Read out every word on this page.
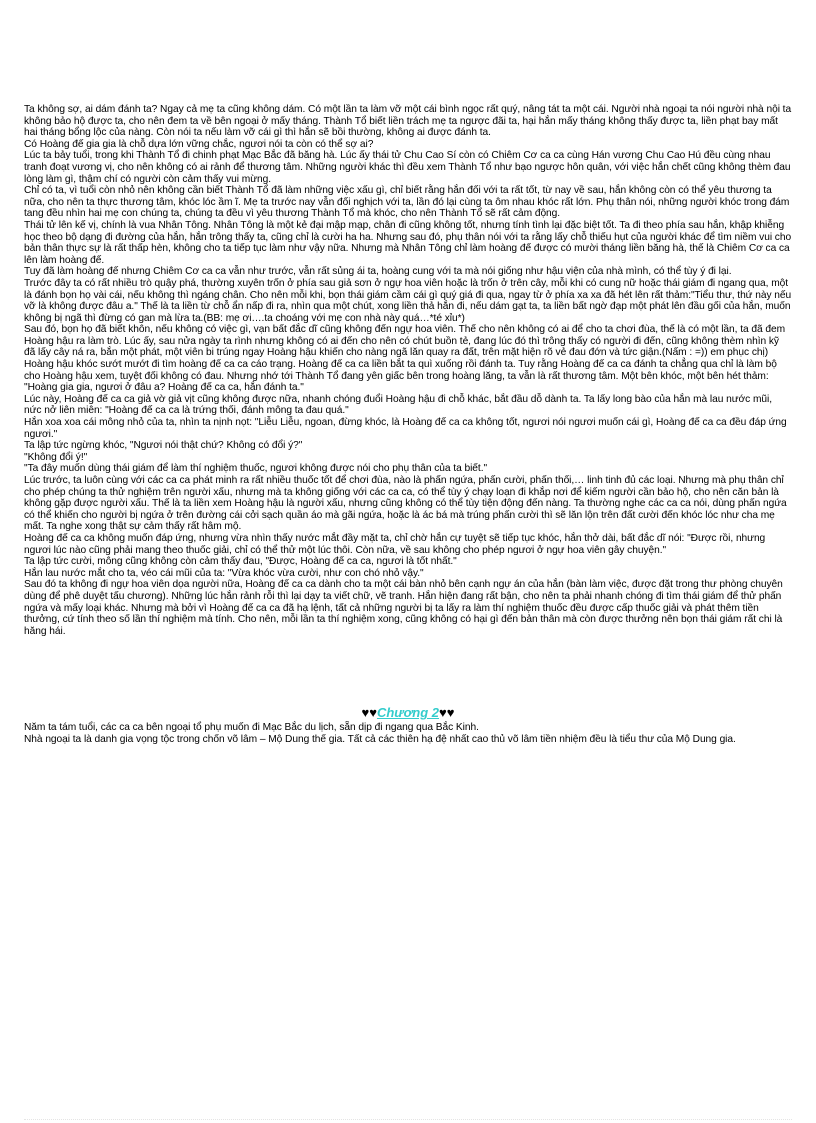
Ta không sợ, ai dám đánh ta? Ngay cả mẹ ta cũng không dám. Có một lần ta làm vỡ một cái bình ngọc rất quý, nâng tát ta một cái. Người nhà ngoại ta nói người nhà nội ta không bảo hộ được ta, cho nên đem ta về bên ngoại ở mấy tháng. Thành Tổ biết liền trách mẹ ta ngược đãi ta, hại hắn mấy tháng không thấy được ta, liền phạt bay mất hai tháng bổng lộc của nàng. Còn nói ta nếu làm vỡ cái gì thì hắn sẽ bồi thường, không ai được đánh ta.

Có Hoàng đế gia gia là chỗ dựa lớn vững chắc, ngươi nói ta còn có thể sợ ai?

Lúc ta bảy tuổi, trong khi Thành Tổ đi chinh phạt Mạc Bắc đã băng hà. Lúc ấy thái tử Chu Cao Sí còn có Chiêm Cơ ca ca cùng Hán vương Chu Cao Hú đều cùng nhau tranh đoạt vương vị, cho nên không có ai rảnh để thương tâm. Những người khác thì đều xem Thành Tổ như bạo ngược hôn quân, với việc hắn chết cũng không thèm đau lòng làm gì, thậm chí có người còn cảm thấy vui mừng.

Chỉ có ta, vì tuổi còn nhỏ nên không cần biết Thành Tổ đã làm những việc xấu gì, chỉ biết rằng hắn đối với ta rất tốt, từ nay về sau, hắn không còn có thể yêu thương ta nữa, cho nên ta thực thương tâm, khóc lóc ầm ĩ. Mẹ ta trước nay vẫn đối nghịch với ta, lần đó lại cùng ta ôm nhau khóc rất lớn. Phụ thân nói, những người khóc trong đám tang đều nhìn hai mẹ con chúng ta, chúng ta đều vì yêu thương Thành Tổ mà khóc, cho nên Thành Tổ sẽ rất cảm động.

Thái tử lên kế vị, chính là vua Nhân Tông. Nhân Tông là một kẻ đại mập mạp, chân đi cũng không tốt, nhưng tính tình lại đặc biệt tốt. Ta đi theo phía sau hắn, khập khiễng học theo bộ dạng đi đường của hắn, hắn trông thấy ta, cũng chỉ là cười ha ha. Nhưng sau đó, phụ thân nói với ta rằng lấy chỗ thiếu hụt của người khác để tìm niềm vui cho bản thân thực sự là rất thấp hèn, không cho ta tiếp tục làm như vậy nữa. Nhưng mà Nhân Tông chỉ làm hoàng đế được có mười tháng liền băng hà, thế là Chiêm Cơ ca ca lên làm hoàng đế.

Tuy đã làm hoàng đế nhưng Chiêm Cơ ca ca vẫn như trước, vẫn rất sủng ái ta, hoàng cung với ta mà nói giống như hậu viện của nhà mình, có thể tùy ý đi lại.

Trước đây ta có rất nhiều trò quậy phá, thường xuyên trốn ở phía sau giả sơn ở ngự hoa viên hoặc là trốn ở trên cây, mỗi khi có cung nữ hoặc thái giám đi ngang qua, một là đánh bọn họ vài cái, nếu không thì ngáng chân. Cho nên mỗi khi, bọn thái giám cầm cái gì quý giá đi qua, ngay từ ở phía xa xa đã hét lên rất thảm:"Tiểu thư, thứ này nếu vỡ là không được đâu a." Thế là ta liền từ chỗ ẩn nấp đi ra, nhìn qua một chút, xong liền thả hắn đi, nếu dám gạt ta, ta liền bất ngờ đạp một phát lên đầu gối của hắn, muốn không bị ngã thì đừng có gan mà lừa ta.(BB: mẹ ơi….ta choáng với mẹ con nhà này quá…*té xỉu*)

Sau đó, bọn họ đã biết khôn, nếu không có việc gì, vạn bất đắc dĩ cũng không đến ngự hoa viên. Thế cho nên không có ai để cho ta chơi đùa, thế là có một lần, ta đã đem Hoàng hậu ra làm trò. Lúc ấy, sau nửa ngày ta rình nhưng không có ai đến cho nên có chút buồn tẻ, đang lúc đó thì trông thấy có người đi đến, cũng không thèm nhìn kỹ đã lấy cây ná ra, bắn một phát, một viên bi trúng ngay Hoàng hậu khiến cho nàng ngã lăn quay ra đất, trên mặt hiện rõ vẻ đau đớn và tức giận.(Nấm : =)) em phục chị)

Hoàng hậu khóc sướt mướt đi tìm hoàng đế ca ca cáo trạng. Hoàng đế ca ca liền bắt ta quì xuống rồi đánh ta. Tuy rằng Hoàng đế ca ca đánh ta chẳng qua chỉ là làm bộ cho Hoàng hậu xem, tuyệt đối không có đau. Nhưng nhớ tới Thành Tổ đang yên giấc bên trong hoàng lăng, ta vẫn là rất thương tâm. Một bên khóc, một bên hét thảm: "Hoàng gia gia, ngươi ở đâu a? Hoàng đế ca ca, hắn đánh ta."

Lúc này, Hoàng đế ca ca giả vờ giả vịt cũng không được nữa, nhanh chóng đuổi Hoàng hậu đi chỗ khác, bắt đầu dỗ dành ta. Ta lấy long bào của hắn mà lau nước mũi, nức nở liên miên: "Hoàng đế ca ca là trứng thối, đánh mông ta đau quá."

Hắn xoa xoa cái mông nhỏ của ta, nhìn ta nịnh nọt: "Liễu Liễu, ngoan, đừng khóc, là Hoàng đế ca ca không tốt, ngươi nói ngươi muốn cái gì, Hoàng đế ca ca đều đáp ứng ngươi."

Ta lập tức ngừng khóc, "Ngươi nói thật chứ? Không có đổi ý?"

"Không đổi ý!"

"Ta đây muốn dùng thái giám để làm thí nghiệm thuốc, ngươi không được nói cho phụ thân của ta biết."

Lúc trước, ta luôn cùng với các ca ca phát minh ra rất nhiều thuốc tốt để chơi đùa, nào là phấn ngứa, phấn cười, phấn thối,… linh tinh đủ các loại. Nhưng mà phụ thân chỉ cho phép chúng ta thử nghiệm trên người xấu, nhưng mà ta không giống với các ca ca, có thể tùy ý chạy loạn đi khắp nơi để kiếm người cần bảo hộ, cho nên căn bản là không gặp được người xấu. Thế là ta liền xem Hoàng hậu là người xấu, nhưng cũng không có thể tùy tiện động đến nàng. Ta thường nghe các ca ca nói, dùng phấn ngứa có thể khiến cho người bị ngứa ở trên đường cái cởi sạch quần áo mà gãi ngứa, hoặc là ác bá mà trúng phấn cười thì sẽ lăn lộn trên đất cười đến khóc lóc như cha mẹ mất. Ta nghe xong thật sự cảm thấy rất hâm mộ.

Hoàng đế ca ca không muốn đáp ứng, nhưng vừa nhìn thấy nước mắt đầy mặt ta, chỉ chờ hắn cự tuyệt sẽ tiếp tục khóc, hắn thở dài, bất đắc dĩ nói: "Được rồi, nhưng ngươi lúc nào cũng phải mang theo thuốc giải, chỉ có thể thử một lúc thôi. Còn nữa, về sau không cho phép ngươi ở ngự hoa viên gây chuyện."

Ta lập tức cười, mông cũng không còn cảm thấy đau, "Được, Hoàng đế ca ca, ngươi là tốt nhất."

Hắn lau nước mắt cho ta, véo cái mũi của ta: "Vừa khóc vừa cười, như con chó nhỏ vậy."

Sau đó ta không đi ngự hoa viên dọa người nữa, Hoàng đế ca ca dành cho ta một cái bàn nhỏ bên cạnh ngự án của hắn (bàn làm việc, được đặt trong thư phòng chuyên dùng để phê duyệt tấu chương). Những lúc hắn rảnh rỗi thì lại dạy ta viết chữ, vẽ tranh. Hắn hiện đang rất bận, cho nên ta phải nhanh chóng đi tìm thái giám để thử phấn ngứa và mấy loại khác. Nhưng mà bởi vì Hoàng đế ca ca đã hạ lệnh, tất cả những người bị ta lấy ra làm thí nghiệm thuốc đều được cấp thuốc giải và phát thêm tiền thưởng, cứ tính theo số lần thí nghiệm mà tính. Cho nên, mỗi lần ta thí nghiệm xong, cũng không có hại gì đến bản thân mà còn được thưởng nên bọn thái giám rất chi là hăng hái.

♥♥Chương 2♥♥

Năm ta tám tuổi, các ca ca bên ngoại tổ phụ muốn đi Mạc Bắc du lịch, sẵn dịp đi ngang qua Bắc Kinh.

Nhà ngoại ta là danh gia vọng tộc trong chốn võ lâm – Mộ Dung thế gia. Tất cả các thiên hạ đệ nhất cao thủ võ lâm tiền nhiệm đều là tiểu thư của Mộ Dung gia.
